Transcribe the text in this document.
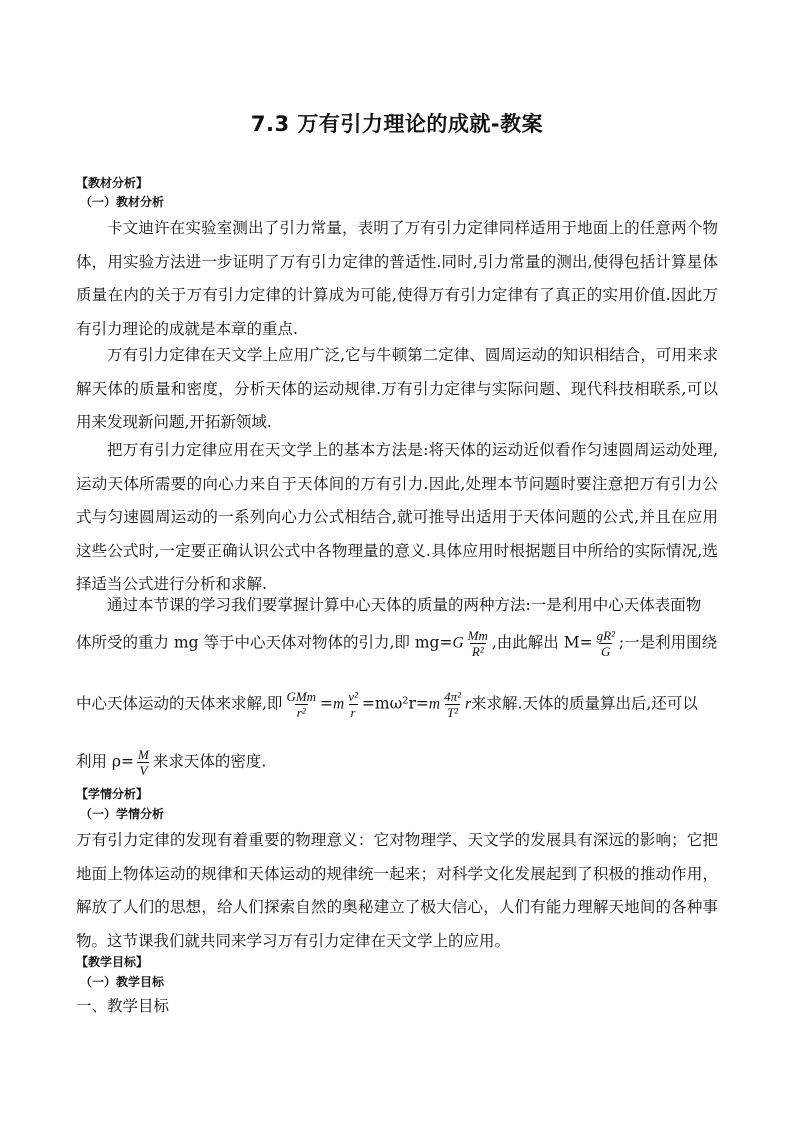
7.3 万有引力理论的成就-教案
【教材分析】
（一）教材分析
卡文迪许在实验室测出了引力常量，表明了万有引力定律同样适用于地面上的任意两个物体，用实验方法进一步证明了万有引力定律的普适性.同时,引力常量的测出,使得包括计算星体质量在内的关于万有引力定律的计算成为可能,使得万有引力定律有了真正的实用价值.因此万有引力理论的成就是本章的重点.
万有引力定律在天文学上应用广泛,它与牛顿第二定律、圆周运动的知识相结合，可用来求解天体的质量和密度，分析天体的运动规律.万有引力定律与实际问题、现代科技相联系,可以用来发现新问题,开拓新领域.
把万有引力定律应用在天文学上的基本方法是:将天体的运动近似看作匀速圆周运动处理,运动天体所需要的向心力来自于天体间的万有引力.因此,处理本节问题时要注意把万有引力公式与匀速圆周运动的一系列向心力公式相结合,就可推导出适用于天体问题的公式,并且在应用这些公式时,一定要正确认识公式中各物理量的意义.具体应用时根据题目中所给的实际情况,选择适当公式进行分析和求解.
通过本节课的学习我们要掌握计算中心天体的质量的两种方法:一是利用中心天体表面物
体所受的重力 mg 等于中心天体对物体的引力,即 $mg=G \frac{Mm}{\text{R²}}$ ,由此解出 $M= \frac{\text{gR²}}{G}$ ;一是利用围绕
中心天体运动的天体来求解,即 $\frac{\text{GMm}}{\text{r²}} =m \frac{\text{v²}}{r} =m\omega^2r=m \frac{\text{4π²}}{\text{T²}}$ r来求解.天体的质量算出后,还可以
利用 $\rho= \frac{M}{V}$ 来求天体的密度.
【学情分析】
（一）学情分析
万有引力定律的发现有着重要的物理意义：它对物理学、天文学的发展具有深远的影响；它把地面上物体运动的规律和天体运动的规律统一起来；对科学文化发展起到了积极的推动作用，解放了人们的思想，给人们探索自然的奥秘建立了极大信心，人们有能力理解天地间的各种事物。这节课我们就共同来学习万有引力定律在天文学上的应用。
【教学目标】
（一）教学目标
一、教学目标
